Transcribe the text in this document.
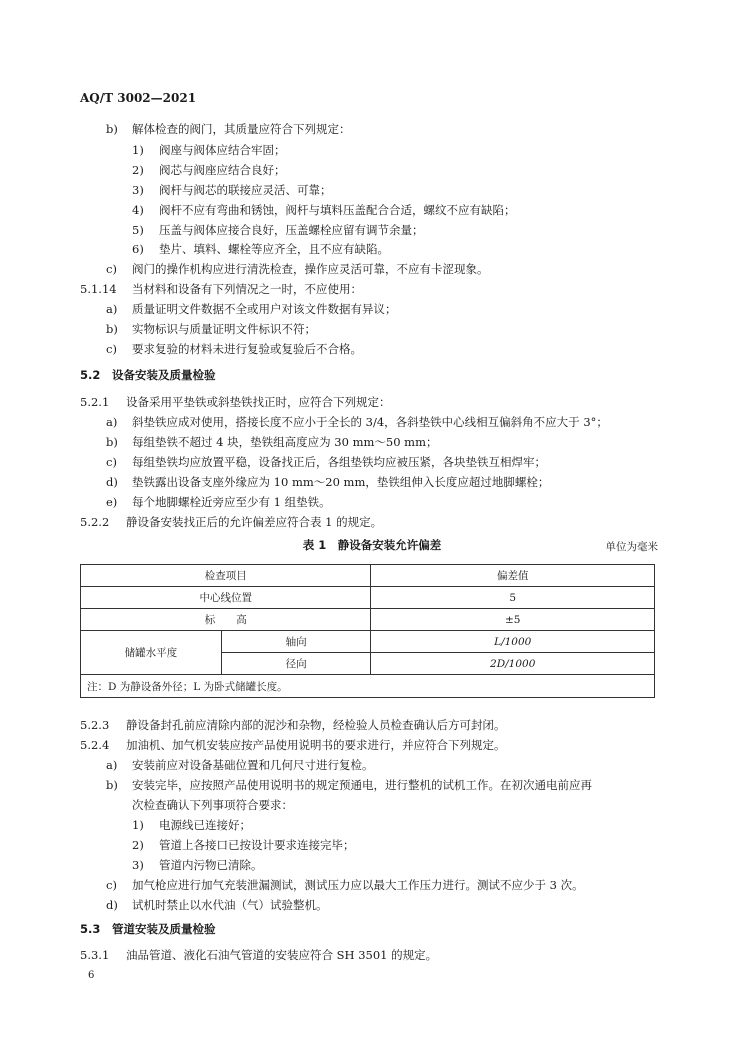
AQ/T 3002—2021
b) 解体检查的阀门，其质量应符合下列规定：
1) 阀座与阀体应结合牢固；
2) 阀芯与阀座应结合良好；
3) 阀杆与阀芯的联接应灵活、可靠；
4) 阀杆不应有弯曲和锈蚀，阀杆与填料压盖配合合适，螺纹不应有缺陷；
5) 压盖与阀体应接合良好，压盖螺栓应留有调节余量；
6) 垫片、填料、螺栓等应齐全，且不应有缺陷。
c) 阀门的操作机构应进行清洗检查，操作应灵活可靠，不应有卡涩现象。
5.1.14 当材料和设备有下列情况之一时，不应使用：
a) 质量证明文件数据不全或用户对该文件数据有异议；
b) 实物标识与质量证明文件标识不符；
c) 要求复验的材料未进行复验或复验后不合格。
5.2 设备安装及质量检验
5.2.1 设备采用平垫铁或斜垫铁找正时，应符合下列规定：
a) 斜垫铁应成对使用，搭接长度不应小于全长的 3/4，各斜垫铁中心线相互偏斜角不应大于 3°；
b) 每组垫铁不超过 4 块，垫铁组高度应为 30 mm～50 mm；
c) 每组垫铁均应放置平稳，设备找正后，各组垫铁均应被压紧，各块垫铁互相焊牢；
d) 垫铁露出设备支座外缘应为 10 mm～20 mm，垫铁组伸入长度应超过地脚螺栓；
e) 每个地脚螺栓近旁应至少有 1 组垫铁。
5.2.2 静设备安装找正后的允许偏差应符合表 1 的规定。
表 1　静设备安装允许偏差	单位为毫米
检查项目		偏差值
中心线位置		5
标　　高		±5
储罐水平度	轴向	L/1000
	径向	2D/1000
注：D 为静设备外径；L 为卧式储罐长度。		
5.2.3 静设备封孔前应清除内部的泥沙和杂物，经检验人员检查确认后方可封闭。
5.2.4 加油机、加气机安装应按产品使用说明书的要求进行，并应符合下列规定。
a) 安装前应对设备基础位置和几何尺寸进行复检。
b) 安装完毕，应按照产品使用说明书的规定预通电，进行整机的试机工作。在初次通电前应再
次检查确认下列事项符合要求：
1) 电源线已连接好；
2) 管道上各接口已按设计要求连接完毕；
3) 管道内污物已清除。
c) 加气枪应进行加气充装泄漏测试，测试压力应以最大工作压力进行。测试不应少于 3 次。
d) 试机时禁止以水代油（气）试验整机。
5.3 管道安装及质量检验
5.3.1 油品管道、液化石油气管道的安装应符合 SH 3501 的规定。
6
